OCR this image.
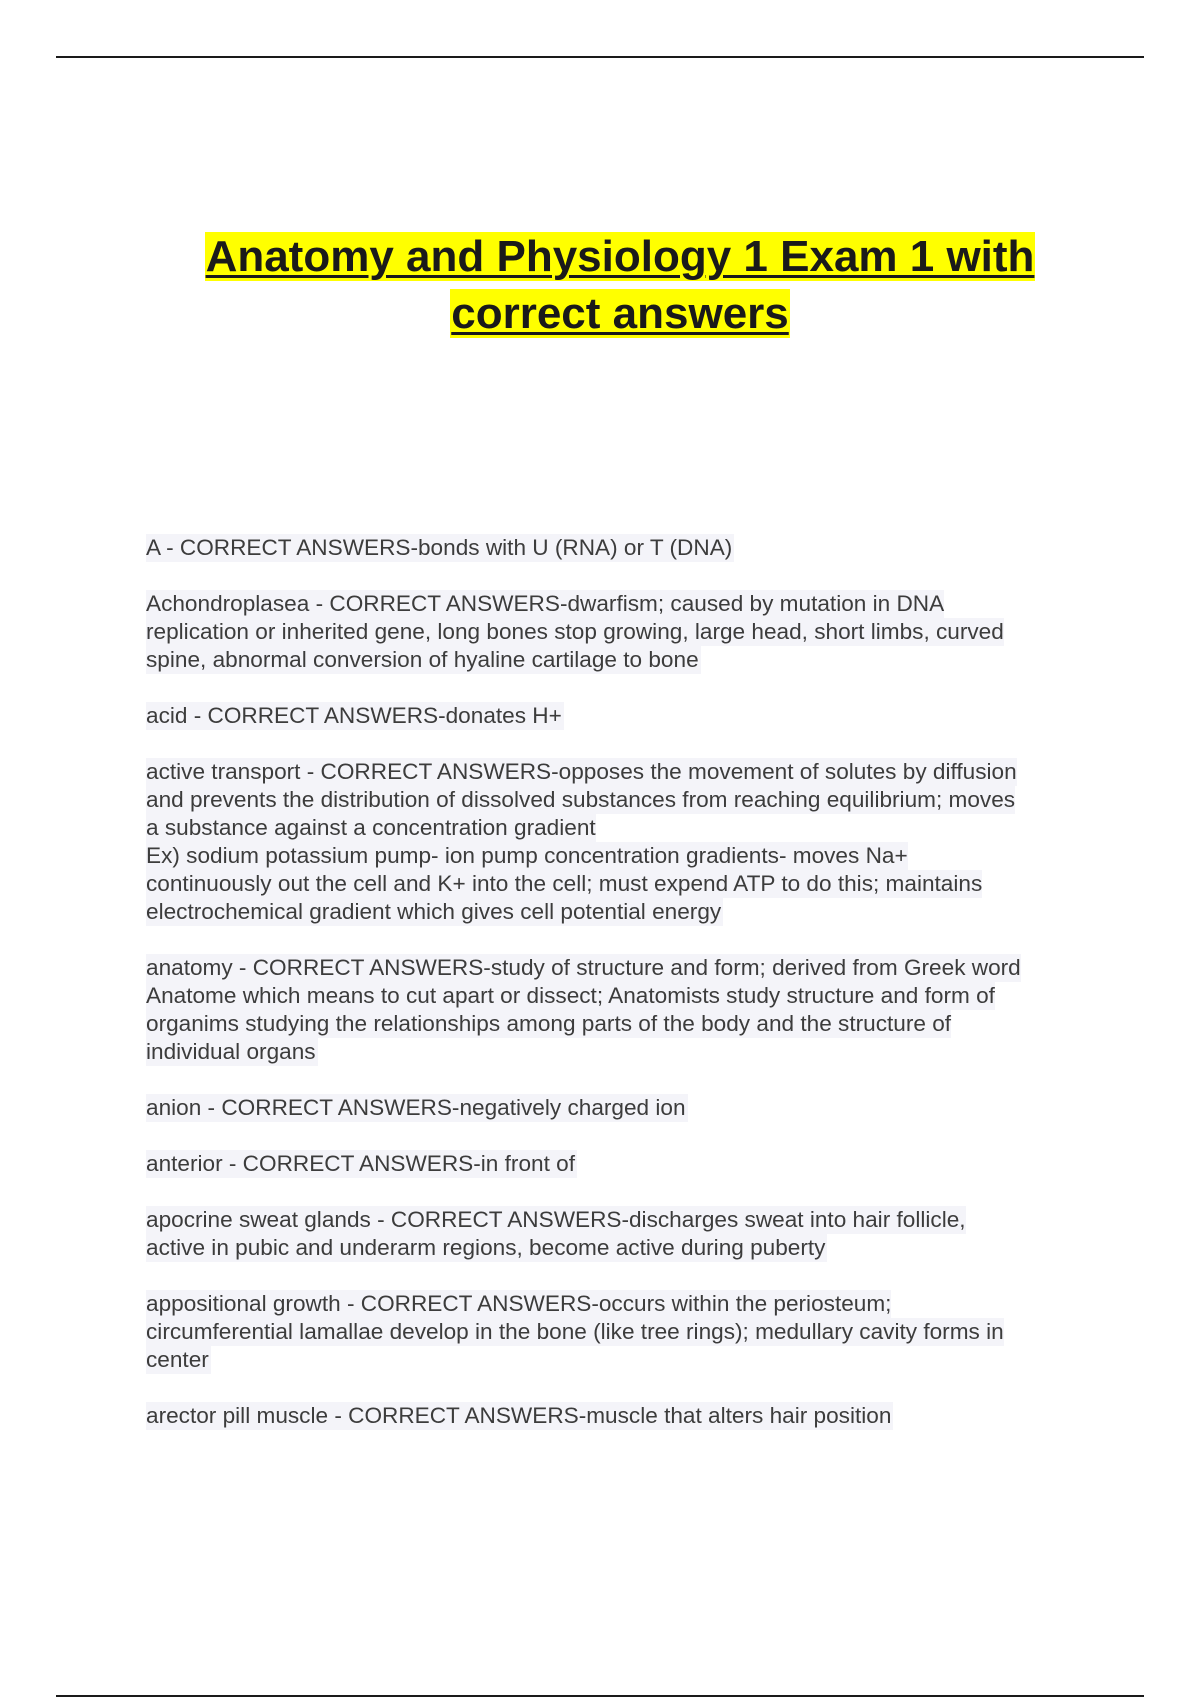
Anatomy and Physiology 1 Exam 1 with
correct answers
A - CORRECT ANSWERS-bonds with U (RNA) or T (DNA)
Achondroplasea - CORRECT ANSWERS-dwarfism; caused by mutation in DNA
replication or inherited gene, long bones stop growing, large head, short limbs, curved
spine, abnormal conversion of hyaline cartilage to bone
acid - CORRECT ANSWERS-donates H+
active transport - CORRECT ANSWERS-opposes the movement of solutes by diffusion
and prevents the distribution of dissolved substances from reaching equilibrium; moves
a substance against a concentration gradient
Ex) sodium potassium pump- ion pump concentration gradients- moves Na+
continuously out the cell and K+ into the cell; must expend ATP to do this; maintains
electrochemical gradient which gives cell potential energy
anatomy - CORRECT ANSWERS-study of structure and form; derived from Greek word
Anatome which means to cut apart or dissect; Anatomists study structure and form of
organims studying the relationships among parts of the body and the structure of
individual organs
anion - CORRECT ANSWERS-negatively charged ion
anterior - CORRECT ANSWERS-in front of
apocrine sweat glands - CORRECT ANSWERS-discharges sweat into hair follicle,
active in pubic and underarm regions, become active during puberty
appositional growth - CORRECT ANSWERS-occurs within the periosteum;
circumferential lamallae develop in the bone (like tree rings); medullary cavity forms in
center
arector pill muscle - CORRECT ANSWERS-muscle that alters hair position
